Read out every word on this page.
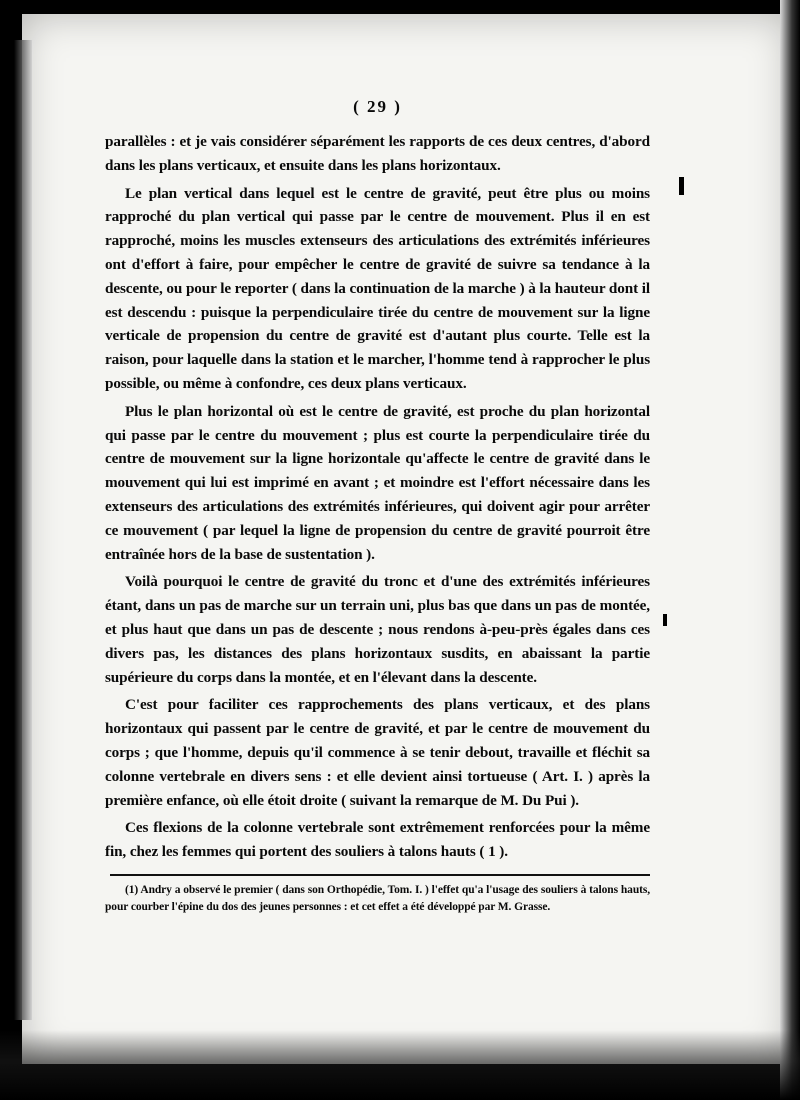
( 29 )

parallèles : et je vais considérer séparément les rapports de ces deux centres, d'abord dans les plans verticaux, et ensuite dans les plans horizontaux.

Le plan vertical dans lequel est le centre de gravité, peut être plus ou moins rapproché du plan vertical qui passe par le centre de mouvement. Plus il en est rapproché, moins les muscles extenseurs des articulations des extrémités inférieures ont d'effort à faire, pour empêcher le centre de gravité de suivre sa tendance à la descente, ou pour le reporter ( dans la continuation de la marche ) à la hauteur dont il est descendu : puisque la perpendiculaire tirée du centre de mouvement sur la ligne verticale de propension du centre de gravité est d'autant plus courte. Telle est la raison, pour laquelle dans la station et le marcher, l'homme tend à rapprocher le plus possible, ou même à confondre, ces deux plans verticaux.

Plus le plan horizontal où est le centre de gravité, est proche du plan horizontal qui passe par le centre du mouvement ; plus est courte la perpendiculaire tirée du centre de mouvement sur la ligne horizontale qu'affecte le centre de gravité dans le mouvement qui lui est imprimé en avant ; et moindre est l'effort nécessaire dans les extenseurs des articulations des extrémités inférieures, qui doivent agir pour arrêter ce mouvement ( par lequel la ligne de propension du centre de gravité pourroit être entraînée hors de la base de sustentation ).

Voilà pourquoi le centre de gravité du tronc et d'une des extrémités inférieures étant, dans un pas de marche sur un terrain uni, plus bas que dans un pas de montée, et plus haut que dans un pas de descente ; nous rendons à-peu-près égales dans ces divers pas, les distances des plans horizontaux susdits, en abaissant la partie supérieure du corps dans la montée, et en l'élevant dans la descente.

C'est pour faciliter ces rapprochements des plans verticaux, et des plans horizontaux qui passent par le centre de gravité, et par le centre de mouvement du corps ; que l'homme, depuis qu'il commence à se tenir debout, travaille et fléchit sa colonne vertebrale en divers sens : et elle devient ainsi tortueuse ( Art. I. ) après la première enfance, où elle étoit droite ( suivant la remarque de M. Du Pui ).

Ces flexions de la colonne vertebrale sont extrêmement renforcées pour la même fin, chez les femmes qui portent des souliers à talons hauts ( 1 ).

(1) Andry a observé le premier ( dans son Orthopédie, Tom. I. ) l'effet qu'a l'usage des souliers à talons hauts, pour courber l'épine du dos des jeunes personnes : et cet effet a été développé par M. Grasse.
